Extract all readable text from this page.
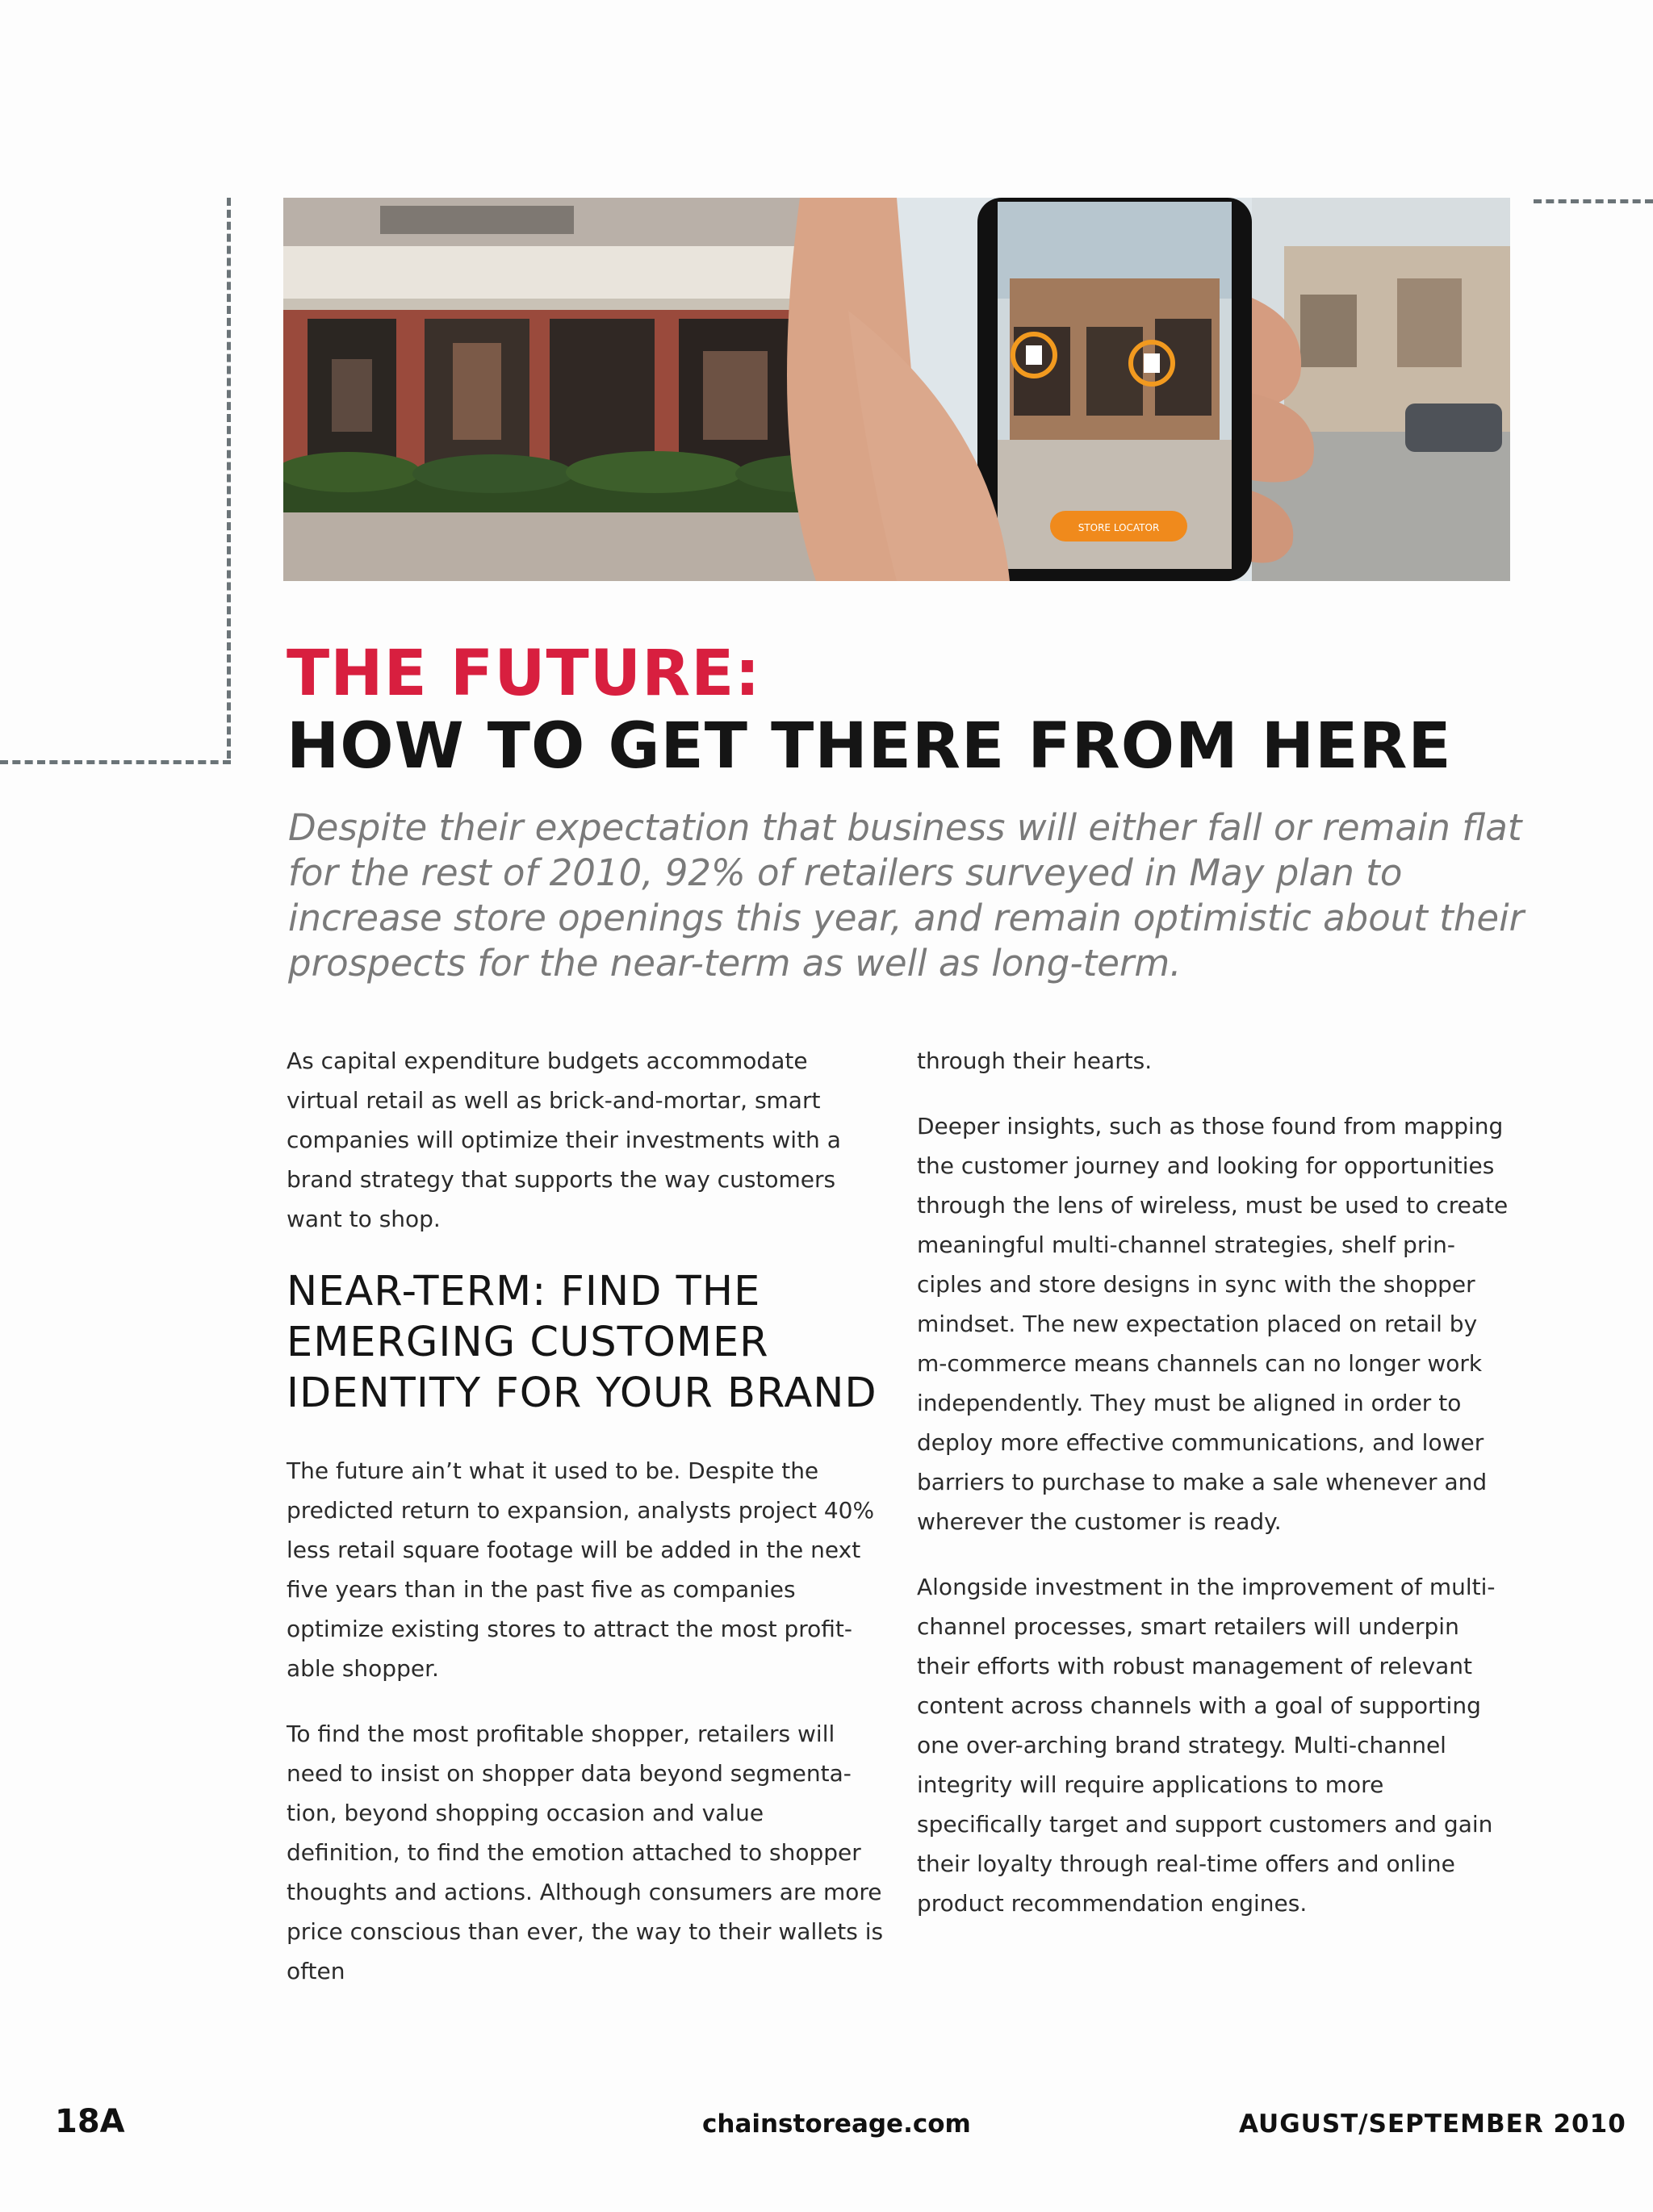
STORE LOCATOR
THE FUTURE:
HOW TO GET THERE FROM HERE

Despite their expectation that business will either fall or remain flat for the rest of 2010, 92% of retailers surveyed in May plan to increase store openings this year, and remain optimistic about their prospects for the near-term as well as long-term.

As capital expenditure budgets accommodate virtual retail as well as brick-and-mortar, smart companies will optimize their investments with a brand strategy that supports the way customers want to shop.

NEAR-TERM: FIND THE EMERGING CUSTOMER IDENTITY FOR YOUR BRAND

The future ain’t what it used to be. Despite the predicted return to expansion, analysts project 40% less retail square footage will be added in the next five years than in the past five as companies optimize existing stores to attract the most profit-able shopper.

To find the most profitable shopper, retailers will need to insist on shopper data beyond segmenta-tion, beyond shopping occasion and value definition, to find the emotion attached to shopper thoughts and actions. Although consumers are more price conscious than ever, the way to their wallets is often

through their hearts.

Deeper insights, such as those found from mapping the customer journey and looking for opportunities through the lens of wireless, must be used to create meaningful multi-channel strategies, shelf prin-ciples and store designs in sync with the shopper mindset. The new expectation placed on retail by m-commerce means channels can no longer work independently. They must be aligned in order to deploy more effective communications, and lower barriers to purchase to make a sale whenever and wherever the customer is ready.

Alongside investment in the improvement of multi-channel processes, smart retailers will underpin their efforts with robust management of relevant content across channels with a goal of supporting one over-arching brand strategy. Multi-channel integrity will require applications to more specifically target and support customers and gain their loyalty through real-time offers and online product recommendation engines.

18A	chainstoreage.com	AUGUST/SEPTEMBER 2010
